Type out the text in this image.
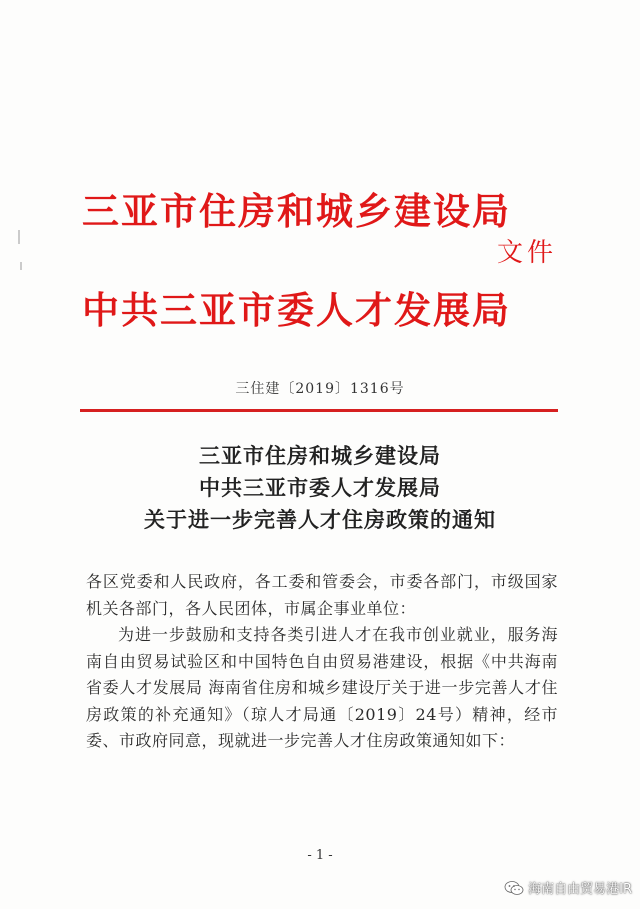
三亚市住房和城乡建设局
文件
中共三亚市委人才发展局
三住建〔2019〕1316号
三亚市住房和城乡建设局
中共三亚市委人才发展局
关于进一步完善人才住房政策的通知
各区党委和人民政府，各工委和管委会，市委各部门，市级国家机关各部门，各人民团体，市属企事业单位：
为进一步鼓励和支持各类引进人才在我市创业就业，服务海南自由贸易试验区和中国特色自由贸易港建设，根据《中共海南省委人才发展局 海南省住房和城乡建设厅关于进一步完善人才住房政策的补充通知》（琼人才局通〔2019〕24号）精神，经市委、市政府同意，现就进一步完善人才住房政策通知如下：
- 1 -
海南自由贸易港IR
